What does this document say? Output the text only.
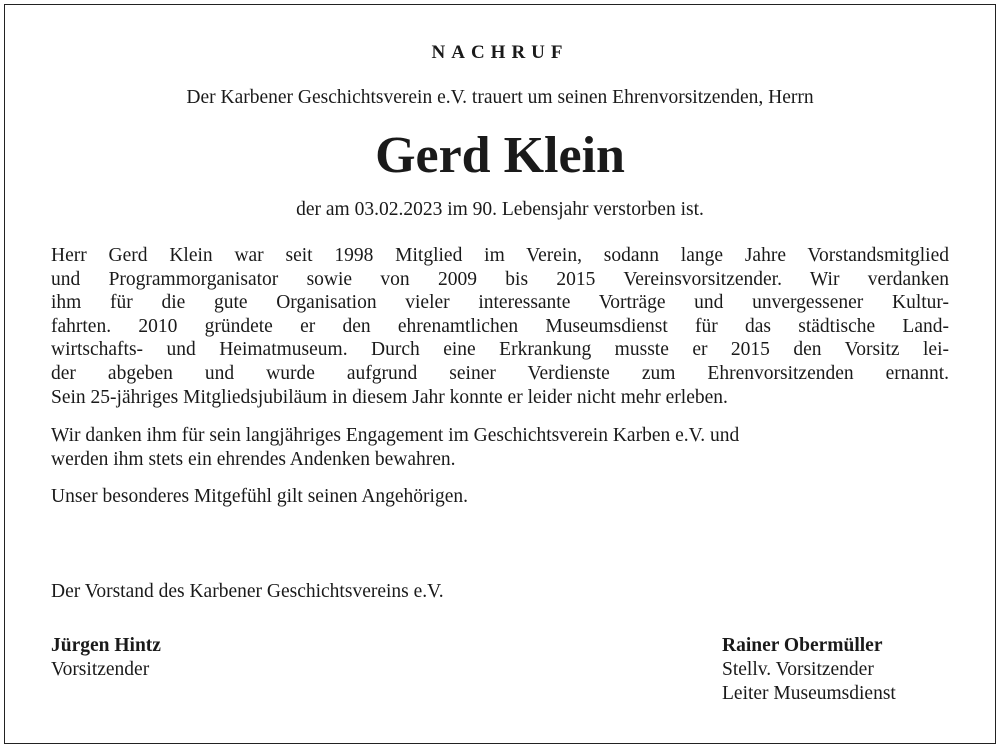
NACHRUF
Der Karbener Geschichtsverein e.V. trauert um seinen Ehrenvorsitzenden, Herrn
Gerd Klein
der am 03.02.2023 im 90. Lebensjahr verstorben ist.
Herr Gerd Klein war seit 1998 Mitglied im Verein, sodann lange Jahre Vorstandsmitglied
und Programmorganisator sowie von 2009 bis 2015 Vereinsvorsitzender. Wir verdanken
ihm für die gute Organisation vieler interessante Vorträge und unvergessener Kultur-
fahrten. 2010 gründete er den ehrenamtlichen Museumsdienst für das städtische Land-
wirtschafts- und Heimatmuseum. Durch eine Erkrankung musste er 2015 den Vorsitz lei-
der abgeben und wurde aufgrund seiner Verdienste zum Ehrenvorsitzenden ernannt.
Sein 25-jähriges Mitgliedsjubiläum in diesem Jahr konnte er leider nicht mehr erleben.
Wir danken ihm für sein langjähriges Engagement im Geschichtsverein Karben e.V. und
werden ihm stets ein ehrendes Andenken bewahren.
Unser besonderes Mitgefühl gilt seinen Angehörigen.
Der Vorstand des Karbener Geschichtsvereins e.V.
Jürgen Hintz
Vorsitzender
Rainer Obermüller
Stellv. Vorsitzender
Leiter Museumsdienst
